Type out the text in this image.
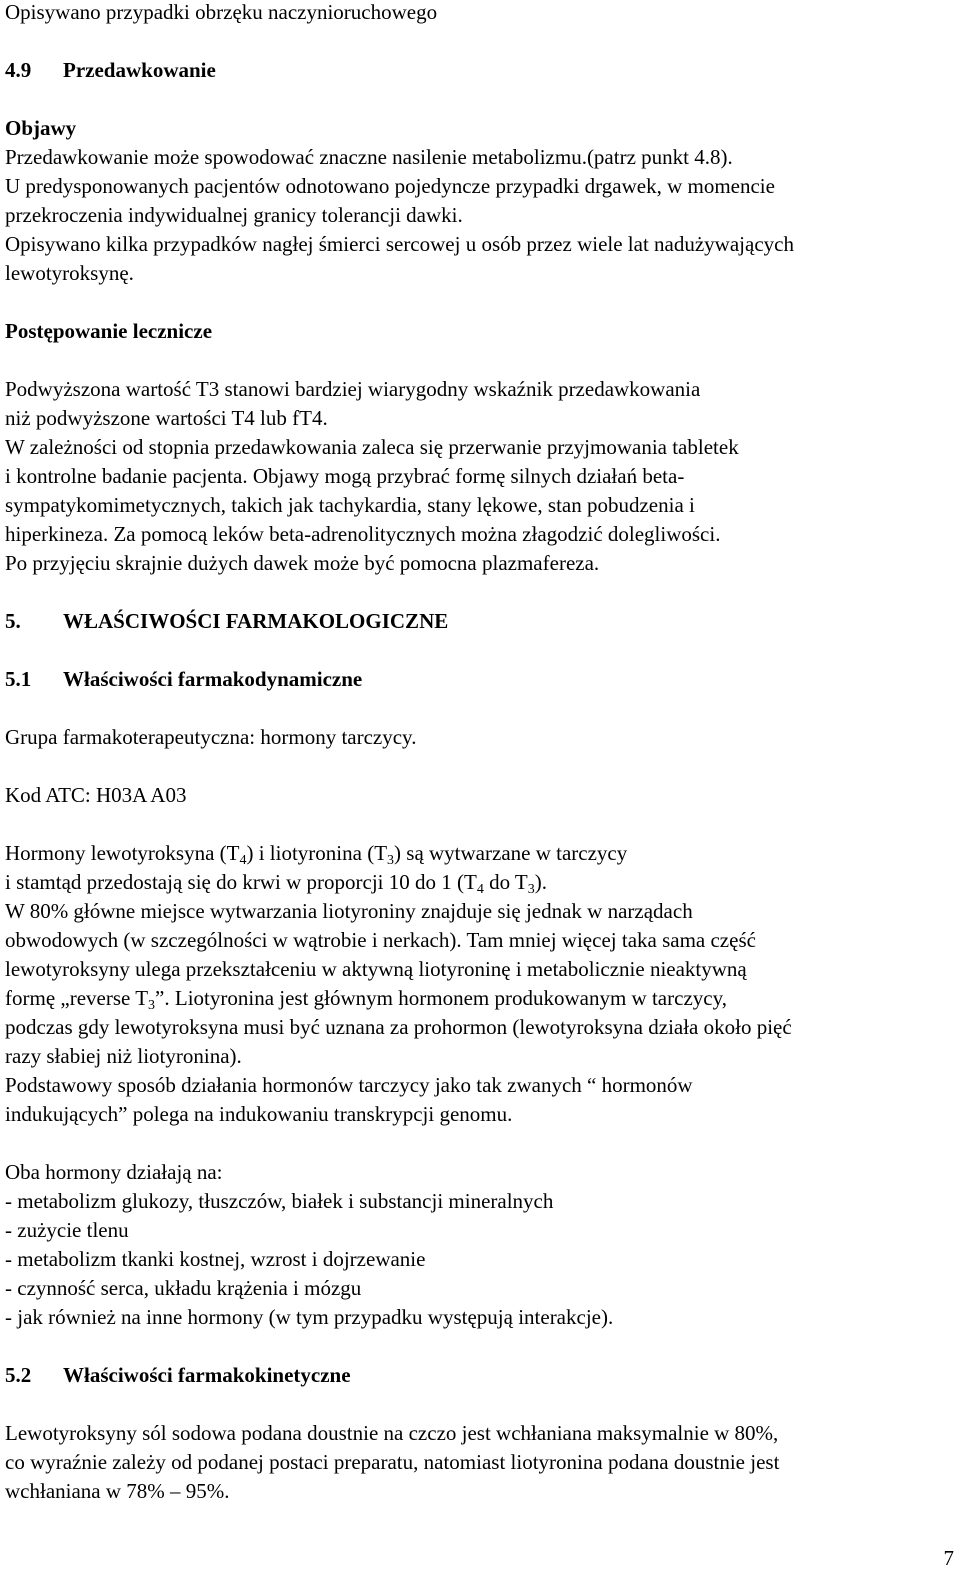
Opisywano przypadki obrzęku naczynioruchowego
4.9 Przedawkowanie
Objawy
Przedawkowanie może spowodować znaczne nasilenie metabolizmu.(patrz punkt 4.8).
U predysponowanych pacjentów odnotowano pojedyncze przypadki drgawek, w momencie
przekroczenia indywidualnej granicy tolerancji dawki.
Opisywano kilka przypadków nagłej śmierci sercowej u osób przez wiele lat nadużywających
lewotyroksynę.
Postępowanie lecznicze
Podwyższona wartość T3 stanowi bardziej wiarygodny wskaźnik przedawkowania
niż podwyższone wartości T4 lub fT4.
W zależności od stopnia przedawkowania zaleca się przerwanie przyjmowania tabletek
i kontrolne badanie pacjenta. Objawy mogą przybrać formę silnych działań beta-
sympatykomimetycznych, takich jak tachykardia, stany lękowe, stan pobudzenia i
hiperkineza. Za pomocą leków beta-adrenolitycznych można złagodzić dolegliwości.
Po przyjęciu skrajnie dużych dawek może być pomocna plazmafereza.
5. WŁAŚCIWOŚCI FARMAKOLOGICZNE
5.1 Właściwości farmakodynamiczne
Grupa farmakoterapeutyczna: hormony tarczycy.
Kod ATC: H03A A03
Hormony lewotyroksyna $(T_4)$ i liotyronina $(T_3)$ są wytwarzane w tarczycy
i stamtąd przedostają się do krwi w proporcji 10 do 1 ($T_4$ do $T_3$).
W 80% główne miejsce wytwarzania liotyroniny znajduje się jednak w narządach
obwodowych (w szczególności w wątrobie i nerkach). Tam mniej więcej taka sama część
lewotyroksyny ulega przekształceniu w aktywną liotyroninę i metabolicznie nieaktywną
formę „reverse $T_3$”. Liotyronina jest głównym hormonem produkowanym w tarczycy,
podczas gdy lewotyroksyna musi być uznana za prohormon (lewotyroksyna działa około pięć
razy słabiej niż liotyronina).
Podstawowy sposób działania hormonów tarczycy jako tak zwanych “ hormonów
indukujących” polega na indukowaniu transkrypcji genomu.
Oba hormony działają na:
- metabolizm glukozy, tłuszczów, białek i substancji mineralnych
- zużycie tlenu
- metabolizm tkanki kostnej, wzrost i dojrzewanie
- czynność serca, układu krążenia i mózgu
- jak również na inne hormony (w tym przypadku występują interakcje).
5.2 Właściwości farmakokinetyczne
Lewotyroksyny sól sodowa podana doustnie na czczo jest wchłaniana maksymalnie w 80%,
co wyraźnie zależy od podanej postaci preparatu, natomiast liotyronina podana doustnie jest
wchłaniana w 78% – 95%.
7
